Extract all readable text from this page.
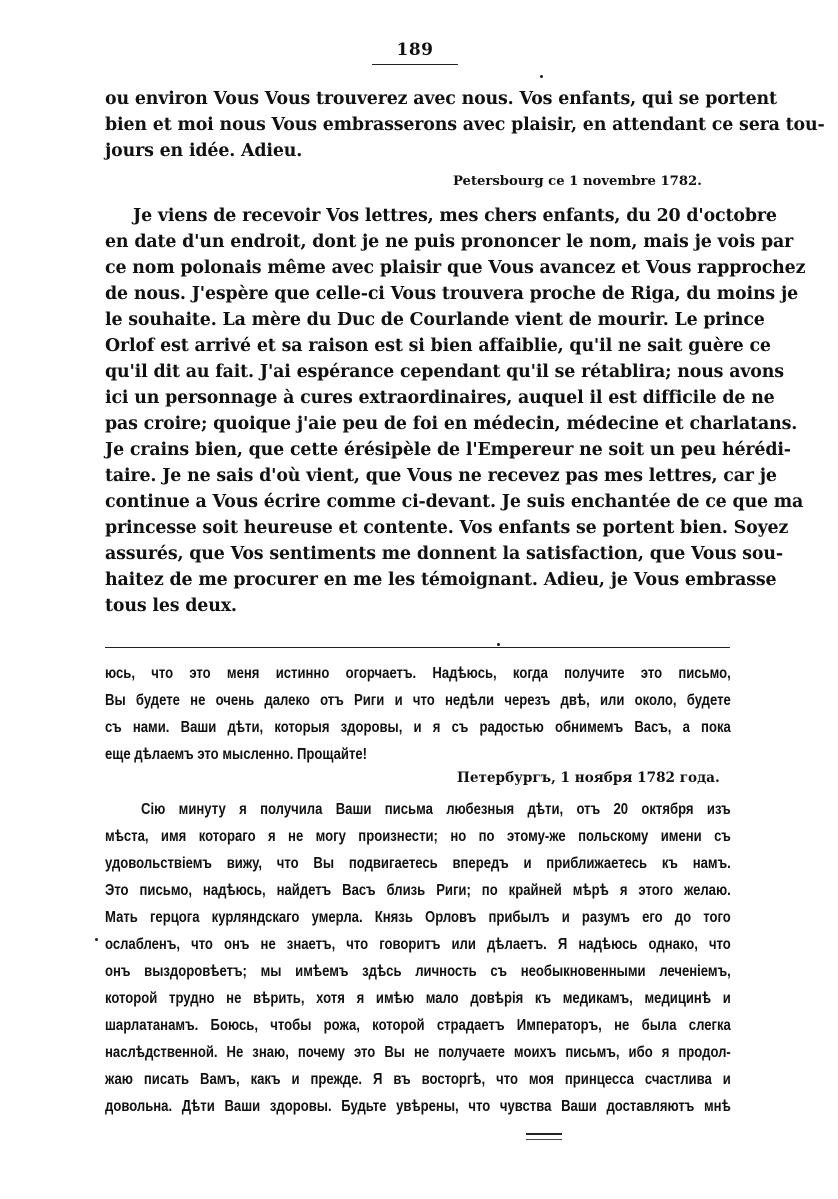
189
ou environ Vous Vous trouverez avec nous. Vos enfants, qui se portent
bien et moi nous Vous embrasserons avec plaisir, en attendant ce sera tou-
jours en idée. Adieu.
Petersbourg ce 1 novembre 1782.
Je viens de recevoir Vos lettres, mes chers enfants, du 20 d'octobre
en date d'un endroit, dont je ne puis prononcer le nom, mais je vois par
ce nom polonais même avec plaisir que Vous avancez et Vous rapprochez
de nous. J'espère que celle-ci Vous trouvera proche de Riga, du moins je
le souhaite. La mère du Duc de Courlande vient de mourir. Le prince
Orlof est arrivé et sa raison est si bien affaiblie, qu'il ne sait guère ce
qu'il dit au fait. J'ai espérance cependant qu'il se rétablira; nous avons
ici un personnage à cures extraordinaires, auquel il est difficile de ne
pas croire; quoique j'aie peu de foi en médecin, médecine et charlatans.
Je crains bien, que cette érésipèle de l'Empereur ne soit un peu hérédi-
taire. Je ne sais d'où vient, que Vous ne recevez pas mes lettres, car je
continue a Vous écrire comme ci-devant. Je suis enchantée de ce que ma
princesse soit heureuse et contente. Vos enfants se portent bien. Soyez
assurés, que Vos sentiments me donnent la satisfaction, que Vous sou-
haitez de me procurer en me les témoignant. Adieu, je Vous embrasse
tous les deux.
юсь, что это меня истинно огорчаетъ. Надѣюсь, когда получите это письмо,
Вы будете не очень далеко отъ Риги и что недѣли черезъ двѣ, или около, будете
съ нами. Ваши дѣти, которыя здоровы, и я съ радостью обнимемъ Васъ, а пока
еще дѣлаемъ это мысленно. Прощайте!
Петербургъ, 1 ноября 1782 года.
Сiю минуту я получила Ваши письма любезныя дѣти, отъ 20 октября изъ
мѣста, имя котораго я не могу произнести; но по этому-же польскому имени съ
удовольствiемъ вижу, что Вы подвигаетесь впередъ и приближаетесь къ намъ.
Это письмо, надѣюсь, найдетъ Васъ близь Риги; по крайней мѣрѣ я этого желаю.
Мать герцога курляндскаго умерла. Князь Орловъ прибылъ и разумъ его до того
ослабленъ, что онъ не знаетъ, что говоритъ или дѣлаетъ. Я надѣюсь однако, что
онъ выздоровѣетъ; мы имѣемъ здѣсь личность съ необыкновенными леченiемъ,
которой трудно не вѣрить, хотя я имѣю мало довѣрiя къ медикамъ, медицинѣ и
шарлатанамъ. Боюсь, чтобы рожа, которой страдаетъ Императоръ, не была слегка
наслѣдственной. Не знаю, почему это Вы не получаете моихъ письмъ, ибо я продол-
жаю писать Вамъ, какъ и прежде. Я въ восторгѣ, что моя принцесса счастлива и
довольна. Дѣти Ваши здоровы. Будьте увѣрены, что чувства Ваши доставляютъ мнѣ
